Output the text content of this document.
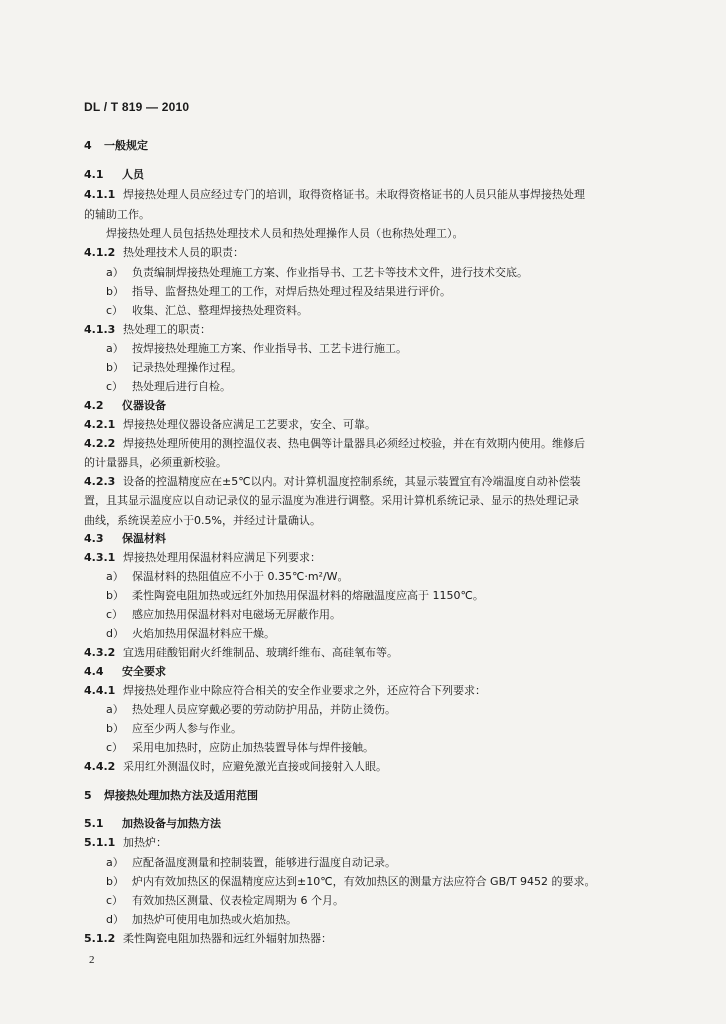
DL / T 819 — 2010
4 一般规定
4.1 人员
4.1.1 焊接热处理人员应经过专门的培训，取得资格证书。未取得资格证书的人员只能从事焊接热处理
的辅助工作。
焊接热处理人员包括热处理技术人员和热处理操作人员（也称热处理工）。
4.1.2 热处理技术人员的职责：
a） 负责编制焊接热处理施工方案、作业指导书、工艺卡等技术文件，进行技术交底。
b） 指导、监督热处理工的工作，对焊后热处理过程及结果进行评价。
c） 收集、汇总、整理焊接热处理资料。
4.1.3 热处理工的职责：
a） 按焊接热处理施工方案、作业指导书、工艺卡进行施工。
b） 记录热处理操作过程。
c） 热处理后进行自检。
4.2 仪器设备
4.2.1 焊接热处理仪器设备应满足工艺要求，安全、可靠。
4.2.2 焊接热处理所使用的测控温仪表、热电偶等计量器具必须经过校验，并在有效期内使用。维修后
的计量器具，必须重新校验。
4.2.3 设备的控温精度应在±5℃以内。对计算机温度控制系统，其显示装置宜有冷端温度自动补偿装
置，且其显示温度应以自动记录仪的显示温度为准进行调整。采用计算机系统记录、显示的热处理记录
曲线，系统误差应小于0.5%，并经过计量确认。
4.3 保温材料
4.3.1 焊接热处理用保温材料应满足下列要求：
a） 保温材料的热阻值应不小于 0.35℃·m²/W。
b） 柔性陶瓷电阻加热或远红外加热用保温材料的熔融温度应高于 1150℃。
c） 感应加热用保温材料对电磁场无屏蔽作用。
d） 火焰加热用保温材料应干燥。
4.3.2 宜选用硅酸铝耐火纤维制品、玻璃纤维布、高硅氧布等。
4.4 安全要求
4.4.1 焊接热处理作业中除应符合相关的安全作业要求之外，还应符合下列要求：
a） 热处理人员应穿戴必要的劳动防护用品，并防止烫伤。
b） 应至少两人参与作业。
c） 采用电加热时，应防止加热装置导体与焊件接触。
4.4.2 采用红外测温仪时，应避免激光直接或间接射入人眼。
5 焊接热处理加热方法及适用范围
5.1 加热设备与加热方法
5.1.1 加热炉：
a） 应配备温度测量和控制装置，能够进行温度自动记录。
b） 炉内有效加热区的保温精度应达到±10℃，有效加热区的测量方法应符合 GB/T 9452 的要求。
c） 有效加热区测量、仪表检定周期为 6 个月。
d） 加热炉可使用电加热或火焰加热。
5.1.2 柔性陶瓷电阻加热器和远红外辐射加热器：
2
